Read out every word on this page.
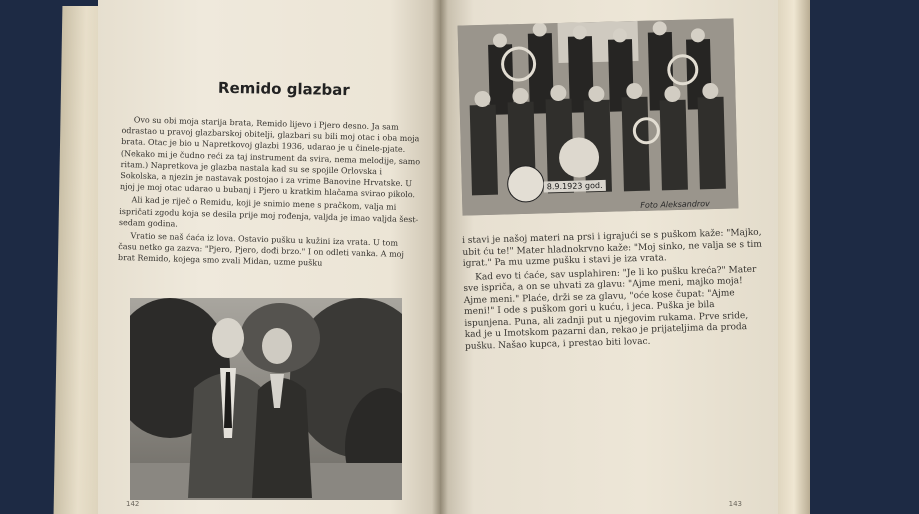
Remido glazbar

Ovo su obi moja starija brata, Remido lijevo i Pjero desno. Ja sam odrastao u pravoj glazbarskoj obitelji, glazbari su bili moj otac i oba moja brata. Otac je bio u Napretkovoj glazbi 1936, udarao je u činele-pjate. (Nekako mi je čudno reći za taj instrument da svira, nema melodije, samo ritam.) Napretkova je glazba nastala kad su se spojile Orlovska i Sokolska, a njezin je nastavak postojao i za vrime Banovine Hrvatske. U njoj je moj otac udarao u bubanj i Pjero u kratkim hlačama svirao pikolo.

Ali kad je riječ o Remidu, koji je snimio mene s pračkom, valja mi ispričati zgodu koja se desila prije moj rođenja, valjda je imao valjda šest-sedam godina.

Vratio se naš ćaća iz lova. Ostavio pušku u kužini iza vrata. U tom času netko ga zazva: "Pjero, Pjero, dođi brzo." I on odleti vanka. A moj brat Remido, kojega smo zvali Midan, uzme pušku

142
8.9.1923 god.
Foto Aleksandrov

i stavi je našoj materi na prsi i igrajući se s puškom kaže: "Majko, ubit ću te!" Mater hladnokrvno kaže: "Moj sinko, ne valja se s tim igrat." Pa mu uzme pušku i stavi je iza vrata.

Kad evo ti ćaće, sav usplahiren: "Je li ko pušku kreća?" Mater sve ispriča, a on se uhvati za glavu: "Ajme meni, majko moja! Ajme meni." Plaće, drži se za glavu, "oće kose čupat: "Ajme meni!" I ode s puškom gori u kuću, i jeca. Puška je bila ispunjena. Puna, ali zadnji put u njegovim rukama. Prve sride, kad je u Imotskom pazarni dan, rekao je prijateljima da proda pušku. Našao kupca, i prestao biti lovac.

143
